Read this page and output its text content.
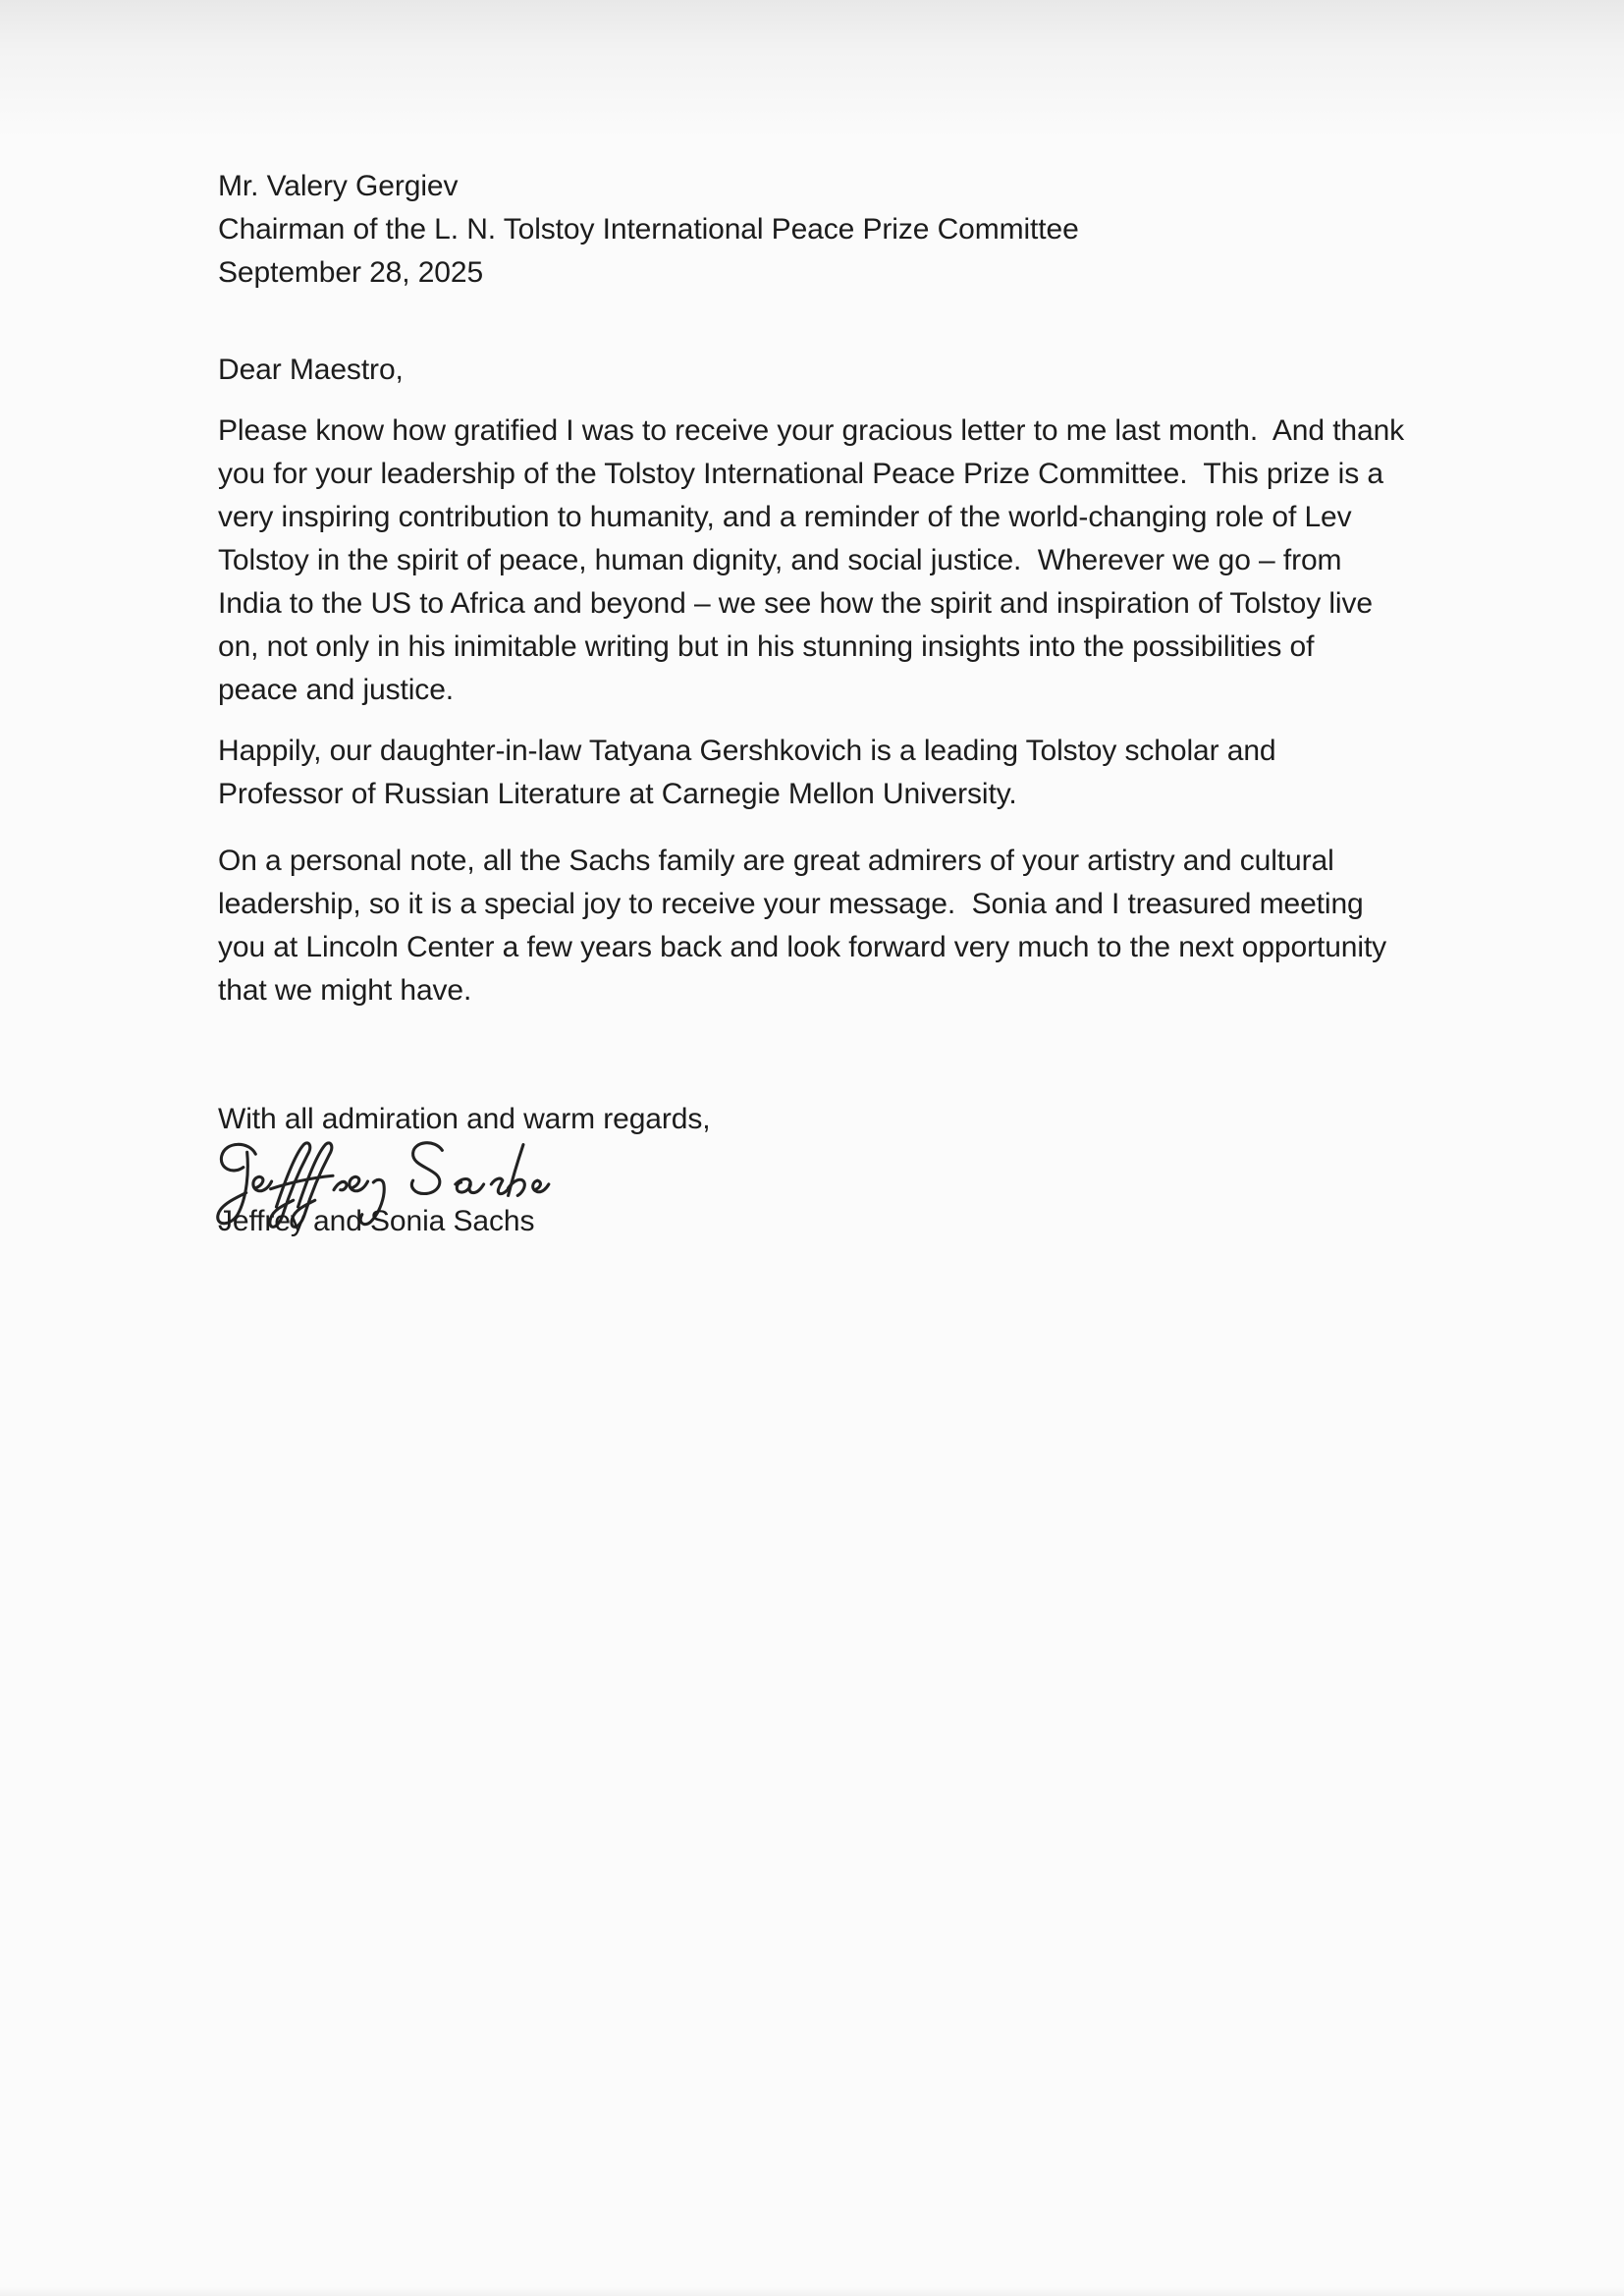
Mr. Valery Gergiev
Chairman of the L. N. Tolstoy International Peace Prize Committee
September 28, 2025
Dear Maestro,
Please know how gratified I was to receive your gracious letter to me last month.  And thank
you for your leadership of the Tolstoy International Peace Prize Committee.  This prize is a
very inspiring contribution to humanity, and a reminder of the world-changing role of Lev
Tolstoy in the spirit of peace, human dignity, and social justice.  Wherever we go – from
India to the US to Africa and beyond – we see how the spirit and inspiration of Tolstoy live
on, not only in his inimitable writing but in his stunning insights into the possibilities of
peace and justice.
Happily, our daughter-in-law Tatyana Gershkovich is a leading Tolstoy scholar and
Professor of Russian Literature at Carnegie Mellon University.
On a personal note, all the Sachs family are great admirers of your artistry and cultural
leadership, so it is a special joy to receive your message.  Sonia and I treasured meeting
you at Lincoln Center a few years back and look forward very much to the next opportunity
that we might have.
With all admiration and warm regards,
Jeffrey and Sonia Sachs
